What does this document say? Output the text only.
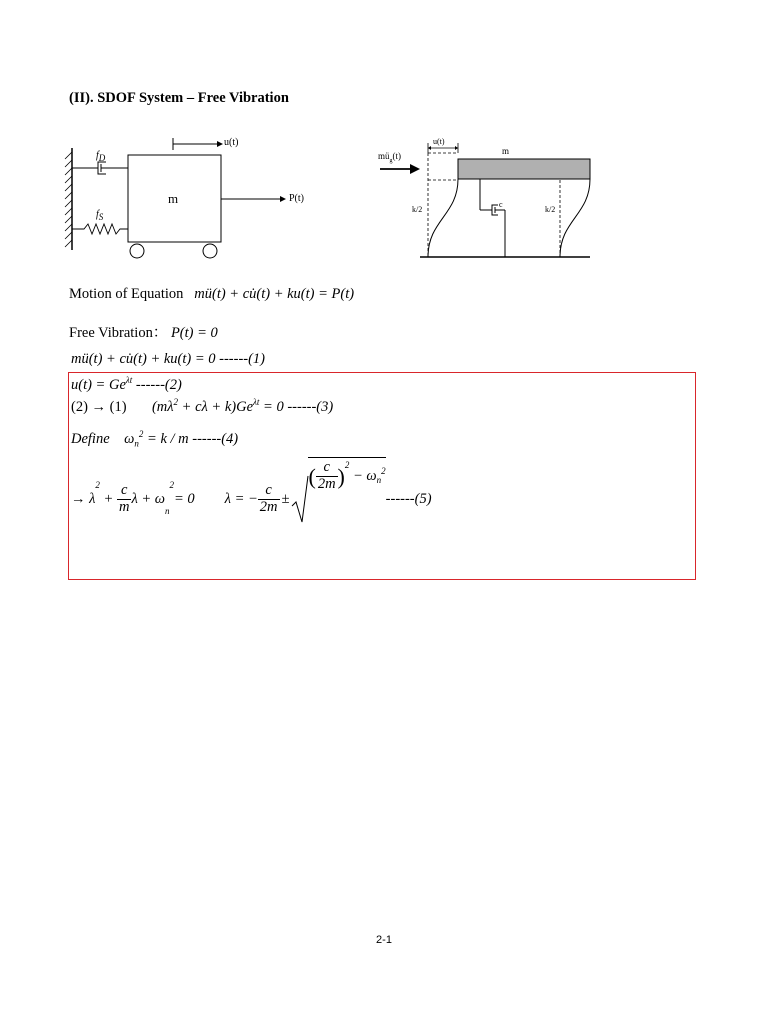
(II). SDOF System – Free Vibration
$f_D$
$f_S$
m
u(t)
P(t)
u(t)
$mü_g(t)$	m
c
k/2	k/2
Motion of Equation mü(t) + cu̇(t) + ku(t) = P(t)
Free Vibration： P(t) = 0
mü(t) + cu̇(t) + ku(t) = 0 ------(1)
$u(t) = Ge^{\lambda t}$ ------(2)
(2) → (1) $(m\lambda^2 + c\lambda + k)Ge^{\lambda t} = 0$ ------(3)
Define $\omega_n^2 = k / m$ ------(4)
→ λ
2
+ $\frac{c}{m}$ λ + ω
$_n$
2
= 0 λ = − $\frac{c}{2m}$ ±
( $\frac{c}{2m} )^2$

− $\omega_n$
$^2$
------(5)
2-1
